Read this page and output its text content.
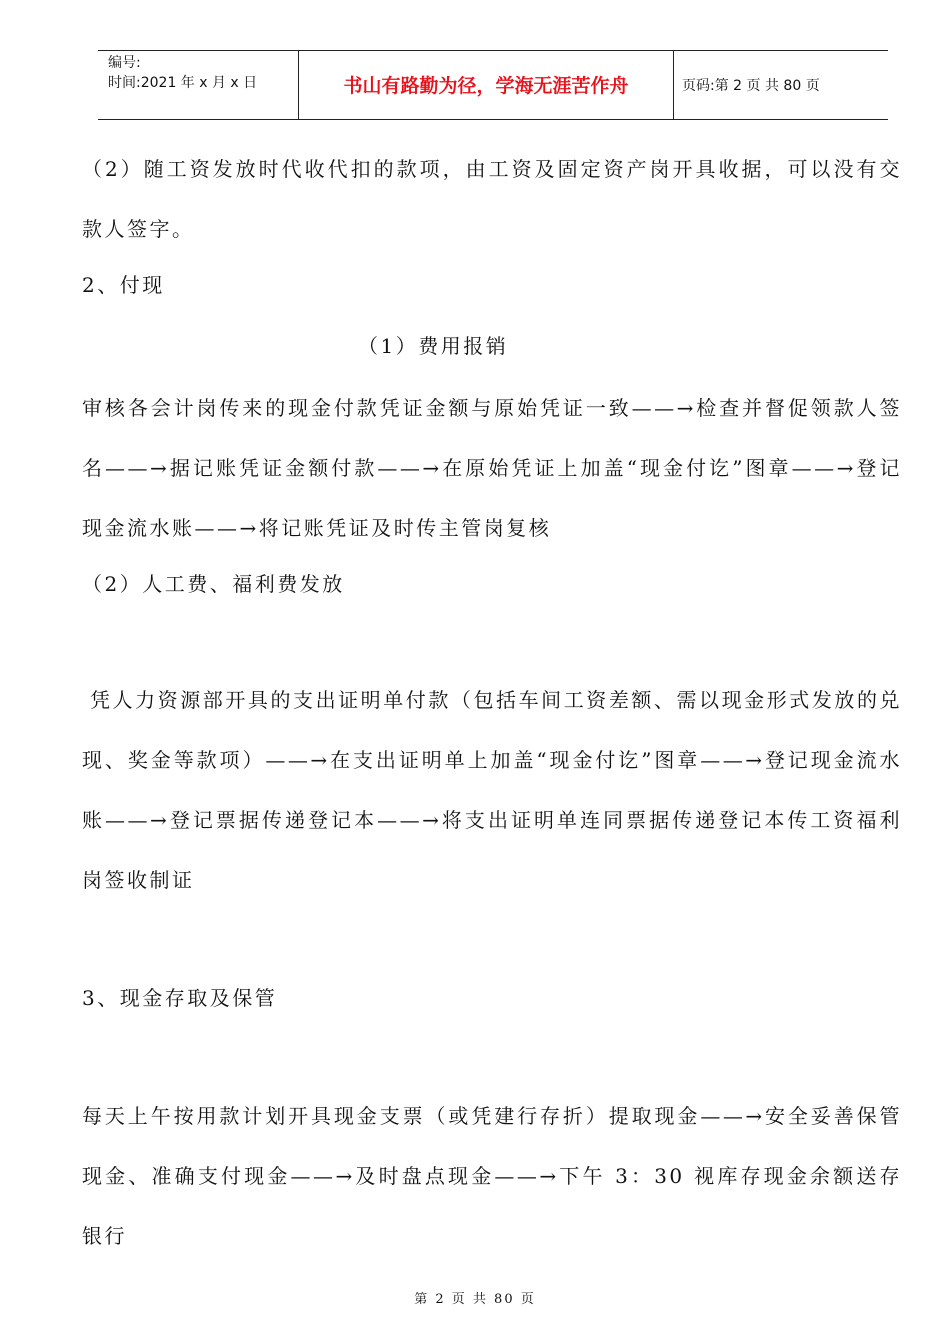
编号:
时间:2021 年 x 月 x 日	书山有路勤为径，学海无涯苦作舟	页码:第 2 页 共 80 页

（2）随工资发放时代收代扣的款项，由工资及固定资产岗开具收据，可以没有交款人签字。

2、付现

（1）费用报销

审核各会计岗传来的现金付款凭证金额与原始凭证一致——→检查并督促领款人签名——→据记账凭证金额付款——→在原始凭证上加盖“现金付讫”图章——→登记现金流水账——→将记账凭证及时传主管岗复核

（2）人工费、福利费发放

凭人力资源部开具的支出证明单付款（包括车间工资差额、需以现金形式发放的兑现、奖金等款项）——→在支出证明单上加盖“现金付讫”图章——→登记现金流水账——→登记票据传递登记本——→将支出证明单连同票据传递登记本传工资福利岗签收制证

3、现金存取及保管

每天上午按用款计划开具现金支票（或凭建行存折）提取现金——→安全妥善保管现金、准确支付现金——→及时盘点现金——→下午 3：30 视库存现金余额送存银行

第 2 页 共 80 页
